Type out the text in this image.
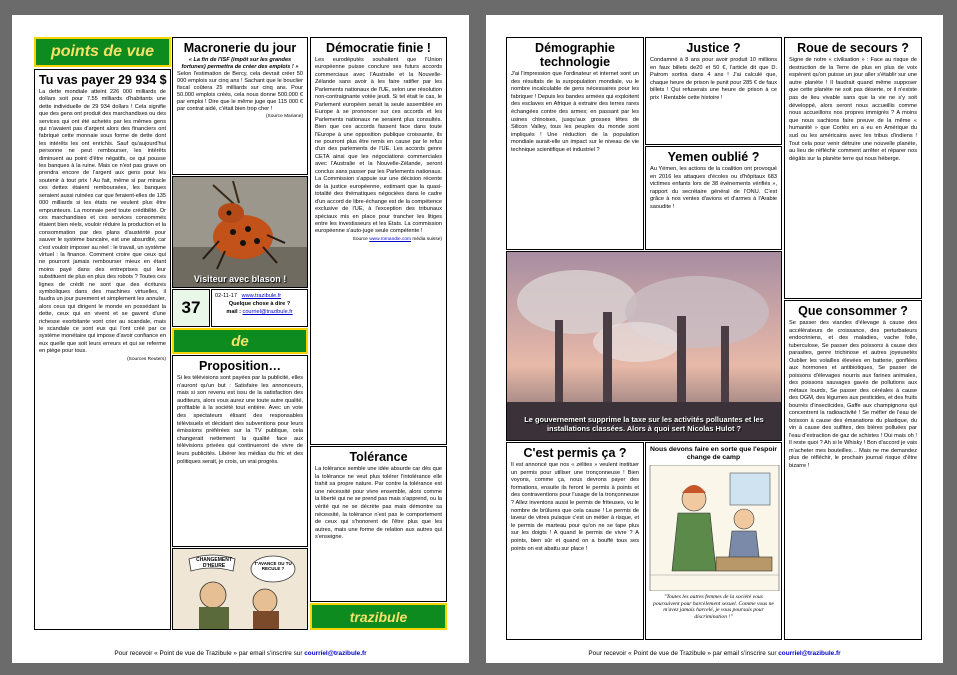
points de vue
Tu vas payer 29 934 $
La dette mondiale atteint 226 000 milliards de dollars soit pour 7.55 milliards d'habitants une dette individuelle de 29 934 dollars ! Cela signifie que des gens ont produit des marchandises ou des services qui ont été achetés par les mêmes gens qui n'avaient pas d'argent alors des financiers ont fabriqué cette monnaie sous forme de dette dont les intérêts les ont enrichis. Sauf qu'aujourd'hui personne ne peut rembourser, les intérêts diminuent au point d'être négatifs, ce qui pousse les banques à la ruine. Mais ce n'est pas grave on prendra encore de l'argent aux gens pour les soutenir à tout prix ! Au fait, même si par miracle ces dettes étaient remboursées, les banques seraient aussi ruinées car que feraient-elles de 135 000 milliards si les états ne veulent plus être emprunteurs. La monnaie perd toute crédibilité. Or ces marchandises et ces services consommés étaient bien réels, vouloir réduire la production et la consommation par des plans d'austérité pour sauver le système bancaire, est une absurdité, car c'est vouloir imposer au réel : le travail, un système virtuel : la finance. Comment croire que ceux qui ne pourront jamais rembourser mieux en étant moins payé dans des entreprises qui leur substituent de plus en plus des robots ? Toutes ces lignes de crédit ne sont que des écritures symboliques dans des machines virtuelles, il faudra un jour purement et simplement les annuler, alors ceux qui dirigent le monde en possédant la dette, ceux qui en vivent et se gavent d'une richesse exorbitante vont crier au scandale, mais le scandale ce sont eux qui l'ont créé par ce système monétaire qui impose d'avoir confiance en eux quelle que soit leurs erreurs et qui se referme en piège pour tous.
(Sources Reuters)
Macronerie du jour
« La fin de l'ISF (impôt sur les grandes fortunes) permettra de créer des emplois ! »
Selon l'estimation de Bercy, cela devrait créer 50 000 emplois sur cinq ans ! Sachant que le bouclier fiscal coûtera 25 milliards sur cinq ans. Pour 50.000 emplois créés, cela nous donne 500.000 € par emploi ! Dire que le même juge que 115 000 € par contrat aidé, c'était bien trop cher !
(Source Mariane)
Visiteur avec blason !
37
02-11-17 www.trazibule.fr
Quelque chose à dire ?
mail : courriel@trazibule.fr
de
Proposition…
Si les télévisions sont payées par la publicité, elles n'auront qu'un but : Satisfaire les annonceurs, mais si son revenu est issu de la satisfaction des auditeurs, alors vous aurez une toute autre qualité, profitable à la société tout entière. Avec un vote des spectateurs élisant des responsables télévisuels et décidant des subventions pour leurs émissions préférées sur la TV publique, cela changerait nettement la qualité face aux télévisions privées qui continueront de vivre de leurs publicités. Libérer les médias du fric et des politiques serait, je crois, un vrai progrès.
CHANGEMENT D'HEURE	T'AVANCE OU TU RECULE ?
Démocratie finie !
Les eurodéputés souhaitent que l'Union européenne puisse conclure ses futurs accords commerciaux avec l'Australie et la Nouvelle-Zélande sans avoir à les faire ratifier par les Parlements nationaux de l'UE, selon une résolution non-contraignante votée jeudi. Si tel était le cas, le Parlement européen serait la seule assemblée en Europe à se prononcer sur ces accords et les Parlements nationaux ne seraient plus consultés. Bien que ces accords fassent face dans toute l'Europe à une opposition publique croissante, ils ne pourront plus être remis en cause par le refus d'un des parlements de l'UE. Les accords genre CETA ainsi que les négociations commerciales avec l'Australie et la Nouvelle-Zélande, seront conclus sans passer par les Parlements nationaux. La Commission s'appuie sur une décision récente de la justice européenne, estimant que la quasi-totalité des thématiques négociées dans le cadre d'un accord de libre-échange est de la compétence exclusive de l'UE, à l'exception des tribunaux spéciaux mis en place pour trancher les litiges entre les investisseurs et les Etats. La commission européenne s'auto-juge seule compétente !
Source www.romandie.com média suisse)
Tolérance
La tolérance semble une idée absurde car dès que la tolérance ne veut plus tolérer l'intolérance elle trahit sa propre nature. Par contre la tolérance est une nécessité pour vivre ensemble, alors comme la liberté qui ne se prend pas mais s'apprend, ou la vérité qui ne se décrète pas mais démontre sa nécessité, la tolérance n'est pas le comportement de ceux qui s'honorent de l'être plus que les autres, mais une forme de relation aux autres qui s'enseigne.
trazibule
Pour recevoir « Point de vue de Trazibule » par email s'inscrire sur courriel@trazibule.fr
Démographie technologie
J'ai l'impression que l'ordinateur et internet sont un des résultats de la surpopulation mondiale, vu le nombre incalculable de gens nécessaires pour les fabriquer ! Depuis les bandes armées qui exploitent des esclaves en Afrique à extraire des terres rares échangées contre des armes; en passant par les usines chinoises, jusqu'aux grosses têtes de Silicon Valley, tous les peuples du monde sont impliqués ! Une réduction de la population mondiale aurait-elle un impact sur le niveau de vie technique scientifique et industriel ?
Justice ?
Condamné à 8 ans pour avoir produit 10 millions en faux billets de20 et 50 €, l'article dit que D. Patrom sortira dans 4 ans ! J'ai calculé que, chaque heure de prison le punit pour 285 € de faux billets ! Qui refuserais une heure de prison à ce prix ! Rentable cette histoire !
Yemen oublié ?
Au Yémen, les actions de la coalition ont provoqué en 2016 les attaques d'écoles ou d'hôpitaux 683 victimes enfants lors de 38 événements vérifiés », rapport du secrétaire général de l'ONU. C'est grâce à nos ventes d'avions et d'armes à l'Arabie saoudite !
Le gouvernement supprime la taxe sur les activités polluantes et les installations classées. Alors à quoi sert Nicolas Hulot ?
C'est permis ça ?
Il est annoncé que nos « zélites » veulent instituer un permis pour utiliser une tronçonneuse ! Bien voyons, comme ça, nous devrons payer des formations, ensuite ils feront le permis à points et des contraventions pour l'usage de la tronçonneuse ? Allez inventons aussi le permis de friteuses, vu le nombre de brûlures que cela cause ! Le permis de laveur de vitres puisque c'est un métier à risque, et le permis de marteau pour qu'on ne se tape plus sur les doigts ! A quand le permis de vivre ? A points, bien sûr et quand on a bouffé tous ses points on est abattu sur place !
Nous devons faire en sorte que l'espoir change de camp
"Toutes les autres femmes de la société vous poursuivent pour harcèlement sexuel. Comme vous ne m'avez jamais harcelé, je vous poursuis pour discrimination !"
Roue de secours ?
Signe de notre « civilisation » : Face au risque de destruction de la Terre de plus en plus de voix espèrent qu'on puisse un jour aller s'établir sur une autre planète ! Il faudrait quand même supposer que cette planète ne soit pas déserte, or il n'existe pas de lieu vivable sans que la vie ne s'y soit développé, alors seront nous accueillis comme nous accueillons nos propres immigrés ? A moins que nous sachions faire preuve de la même « humanité » que Cortès en a eu en Amérique du sud ou les américains avec les tribus d'indiens ! Tout cela pour venir détruire une nouvelle planète, au lieu de réfléchir comment arrêter et réparer nos dégâts sur la planète terre qui nous héberge.
Que consommer ?
Se passer des viandes d'élevage à cause des accélérateurs de croissance, des perturbateurs endocriniens, et des maladies, vache folle, tuberculose, Se passer des poissons à cause des parasites, genre trichinose et autres joyeusetés Oublier les volailles élevées en batterie, gonflées aux hormones et antibiotiques, Se passer de poissons d'élevages nourris aux farines animales, des poissons sauvages gavés de pollutions aux métaux lourds, Se passer des céréales à cause des OGM, des légumes aux pesticides, et des fruits bourrés d'insecticides, Gaffe aux champignons qui concentrent la radioactivité ! Se méfier de l'eau de boisson à cause des émanations du plastique, du vin à cause des sulfites, des bières polluées par l'eau d'extraction de gaz de schistes ! Oui mais oh ! Il reste quoi ? Ah si le Whisky ! Bon d'accord je vais m'acheter mes bouteilles… Mais ne me demandez plus de réfléchir, le prochain journal risque d'être bizarre !
Pour recevoir « Point de vue de Trazibule » par email s'inscrire sur courriel@trazibule.fr
